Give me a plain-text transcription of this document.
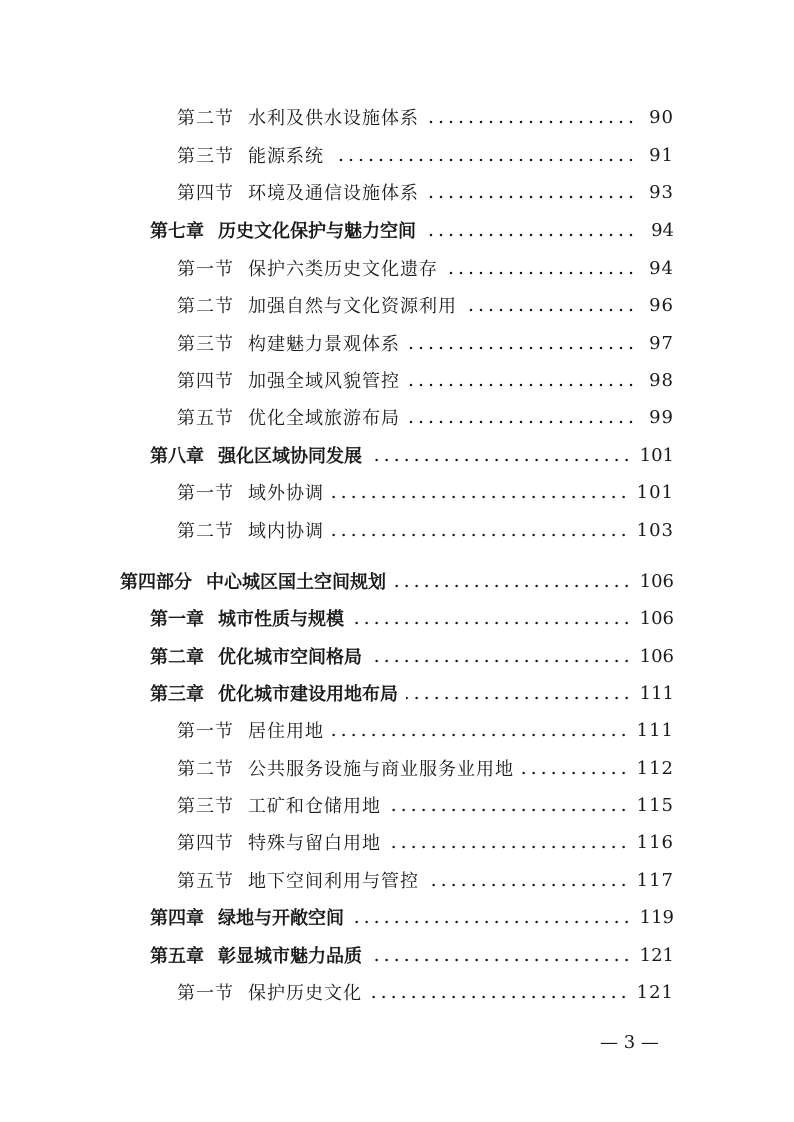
第二节 水利及供水设施体系	90
第三节 能源系统	91
第四节 环境及通信设施体系	93
第七章 历史文化保护与魅力空间	94
第一节 保护六类历史文化遗存	94
第二节 加强自然与文化资源利用	96
第三节 构建魅力景观体系	97
第四节 加强全域风貌管控	98
第五节 优化全域旅游布局	99
第八章 强化区域协同发展	101
第一节 域外协调	101
第二节 域内协调	103
第四部分 中心城区国土空间规划	106
第一章 城市性质与规模	106
第二章 优化城市空间格局	106
第三章 优化城市建设用地布局	111
第一节 居住用地	111
第二节 公共服务设施与商业服务业用地	112
第三节 工矿和仓储用地	115
第四节 特殊与留白用地	116
第五节 地下空间利用与管控	117
第四章 绿地与开敞空间	119
第五章 彰显城市魅力品质	121
第一节 保护历史文化	121
— 3 —
